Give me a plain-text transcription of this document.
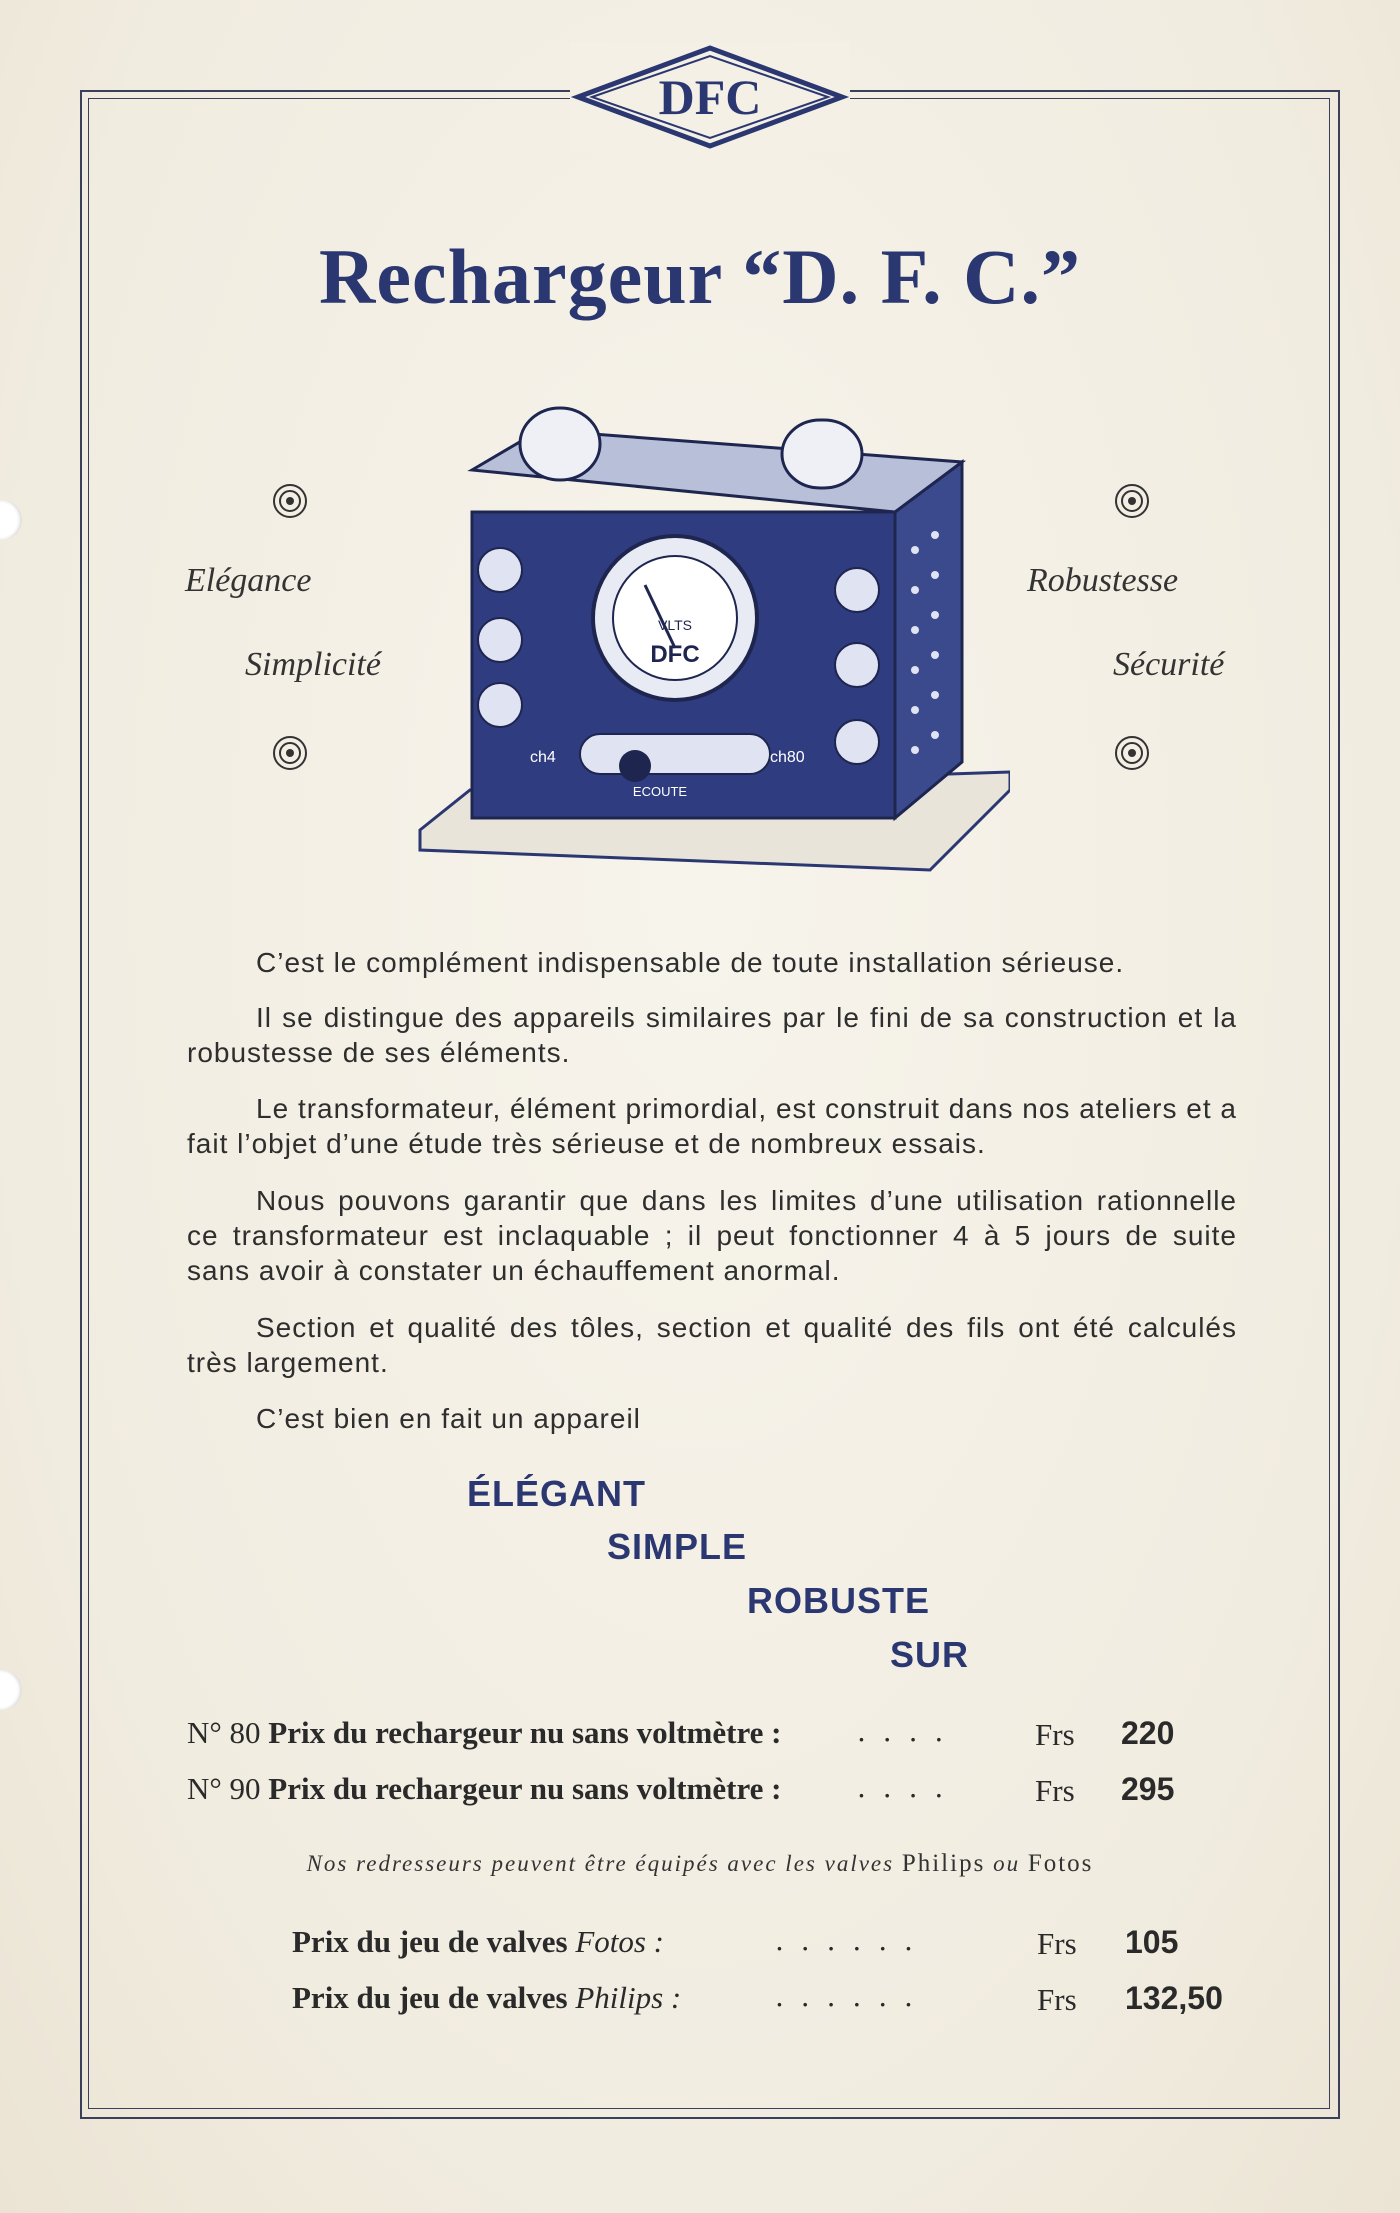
DFC
Rechargeur “D. F. C.”
Elégance
Simplicité
Robustesse
Sécurité
VLTS
DFC
ch4	ch80
ECOUTE
C’est le complément indispensable de toute installation sérieuse.
Il se distingue des appareils similaires par le fini de sa construction et la robustesse de ses éléments.
Le transformateur, élément primordial, est construit dans nos ateliers et a fait l’objet d’une étude très sérieuse et de nombreux essais.
Nous pouvons garantir que dans les limites d’une utilisation rationnelle ce transformateur est inclaquable ; il peut fonctionner 4 à 5 jours de suite sans avoir à constater un échauffement anormal.
Section et qualité des tôles, section et qualité des fils ont été calculés très largement.
C’est bien en fait un appareil
ÉLÉGANT
SIMPLE
ROBUSTE
SUR
N° 80 Prix du rechargeur nu sans voltmètre :	. . . .	Frs 220
N° 90 Prix du rechargeur nu sans voltmètre :	. . . .	Frs 295
Nos redresseurs peuvent être équipés avec les valves Philips ou Fotos
Prix du jeu de valves Fotos :	. . . . . .	Frs 105
Prix du jeu de valves Philips :	. . . . . .	Frs 132,50
